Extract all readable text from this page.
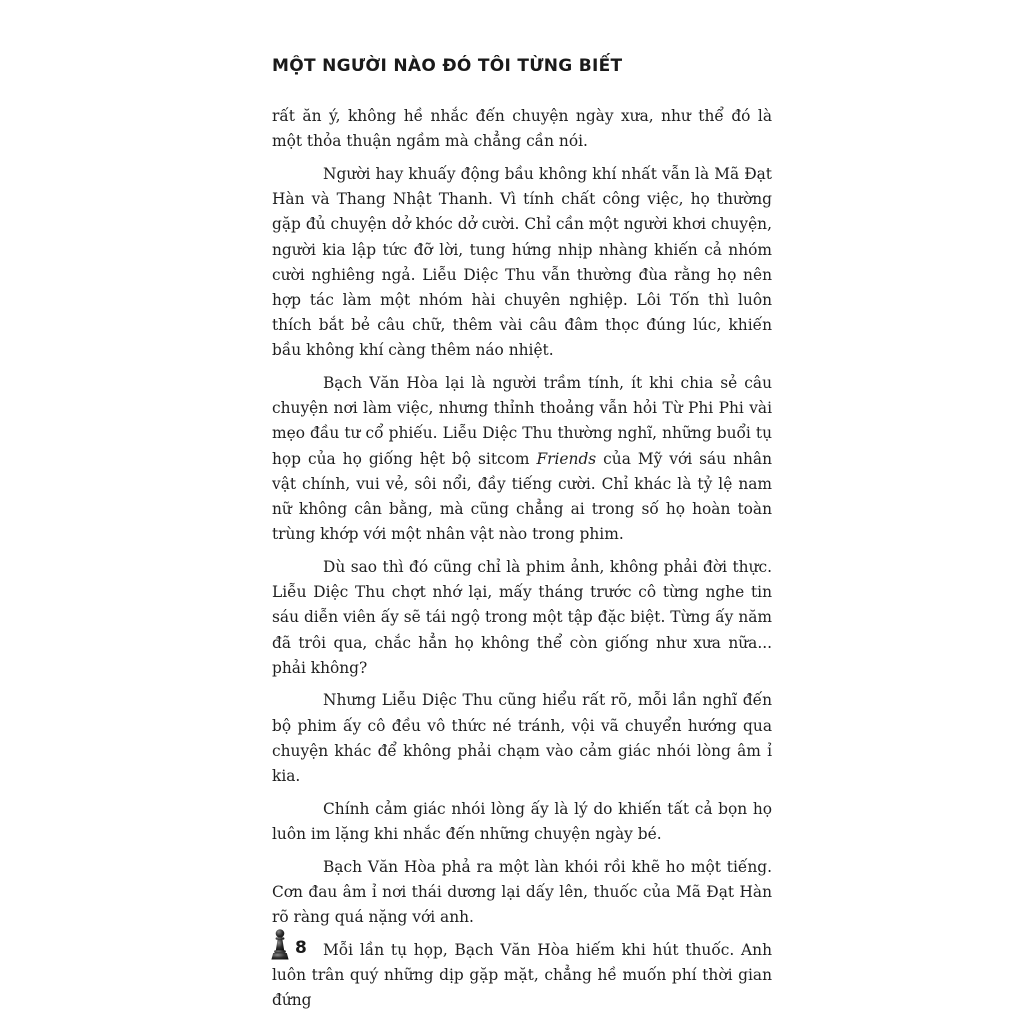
MỘT NGƯỜI NÀO ĐÓ TÔI TỪNG BIẾT

rất ăn ý, không hề nhắc đến chuyện ngày xưa, như thể đó là một thỏa thuận ngầm mà chẳng cần nói.

Người hay khuấy động bầu không khí nhất vẫn là Mã Đạt Hàn và Thang Nhật Thanh. Vì tính chất công việc, họ thường gặp đủ chuyện dở khóc dở cười. Chỉ cần một người khơi chuyện, người kia lập tức đỡ lời, tung hứng nhịp nhàng khiến cả nhóm cười nghiêng ngả. Liễu Diệc Thu vẫn thường đùa rằng họ nên hợp tác làm một nhóm hài chuyên nghiệp. Lôi Tốn thì luôn thích bắt bẻ câu chữ, thêm vài câu đâm thọc đúng lúc, khiến bầu không khí càng thêm náo nhiệt.

Bạch Văn Hòa lại là người trầm tính, ít khi chia sẻ câu chuyện nơi làm việc, nhưng thỉnh thoảng vẫn hỏi Từ Phi Phi vài mẹo đầu tư cổ phiếu. Liễu Diệc Thu thường nghĩ, những buổi tụ họp của họ giống hệt bộ sitcom Friends của Mỹ với sáu nhân vật chính, vui vẻ, sôi nổi, đầy tiếng cười. Chỉ khác là tỷ lệ nam nữ không cân bằng, mà cũng chẳng ai trong số họ hoàn toàn trùng khớp với một nhân vật nào trong phim.

Dù sao thì đó cũng chỉ là phim ảnh, không phải đời thực. Liễu Diệc Thu chợt nhớ lại, mấy tháng trước cô từng nghe tin sáu diễn viên ấy sẽ tái ngộ trong một tập đặc biệt. Từng ấy năm đã trôi qua, chắc hẳn họ không thể còn giống như xưa nữa... phải không?

Nhưng Liễu Diệc Thu cũng hiểu rất rõ, mỗi lần nghĩ đến bộ phim ấy cô đều vô thức né tránh, vội vã chuyển hướng qua chuyện khác để không phải chạm vào cảm giác nhói lòng âm ỉ kia.

Chính cảm giác nhói lòng ấy là lý do khiến tất cả bọn họ luôn im lặng khi nhắc đến những chuyện ngày bé.

Bạch Văn Hòa phả ra một làn khói rồi khẽ ho một tiếng. Cơn đau âm ỉ nơi thái dương lại dấy lên, thuốc của Mã Đạt Hàn rõ ràng quá nặng với anh.

Mỗi lần tụ họp, Bạch Văn Hòa hiếm khi hút thuốc. Anh luôn trân quý những dịp gặp mặt, chẳng hề muốn phí thời gian đứng

8
